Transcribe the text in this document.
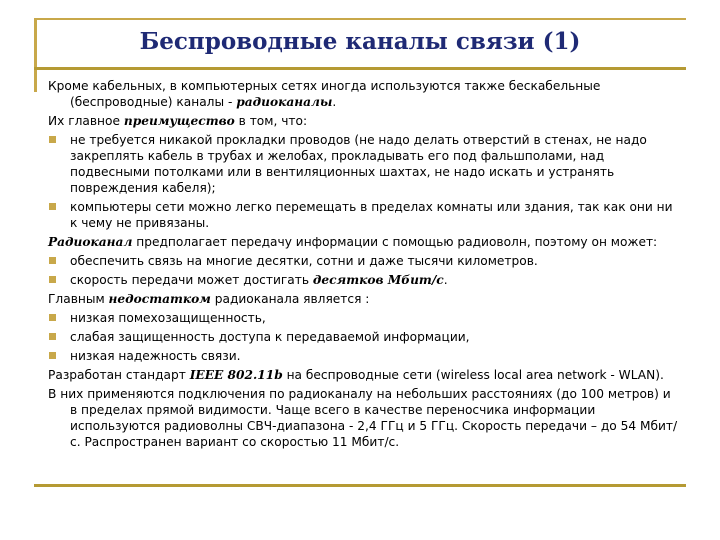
Беспроводные каналы связи (1)
Кроме кабельных, в компьютерных сетях иногда используются также бескабельные (беспроводные) каналы - радиоканалы.
Их главное преимущество в том, что:
не требуется никакой прокладки проводов (не надо делать отверстий в стенах, не надо закреплять кабель в трубах и желобах, прокладывать его под фальшполами, над подвесными потолками или в вентиляционных шахтах, не надо искать и устранять повреждения кабеля);
компьютеры сети можно легко перемещать в пределах комнаты или здания, так как они ни к чему не привязаны.
Радиоканал предполагает передачу информации с помощью радиоволн, поэтому он может:
обеспечить связь на многие десятки, сотни и даже тысячи километров.
скорость передачи может достигать десятков Мбит/с.
Главным недостатком радиоканала является :
низкая помехозащищенность,
слабая защищенность доступа к передаваемой информации,
низкая надежность связи.
Разработан стандарт IEEE 802.11b на беспроводные сети (wireless local area network - WLAN).
В них применяются подключения по радиоканалу на небольших расстояниях (до 100 метров) и в пределах прямой видимости. Чаще всего в качестве переносчика информации используются радиоволны СВЧ-диапазона - 2,4 ГГц и 5 ГГц. Скорость передачи – до 54 Мбит/с. Распространен вариант со скоростью 11 Мбит/с.
